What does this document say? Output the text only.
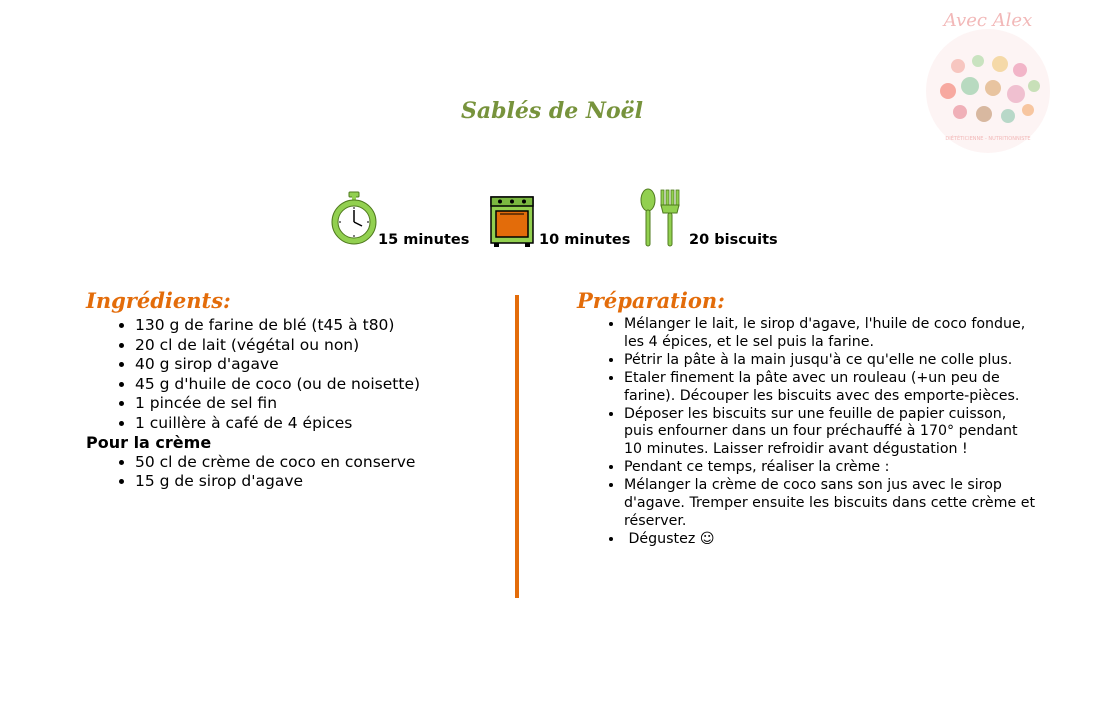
Avec Alex
DIÉTÉTICIENNE - NUTRITIONNISTE
Sablés de Noël
15 minutes	10 minutes	20 biscuits
Ingrédients:
• 130 g de farine de blé (t45 à t80)
• 20 cl de lait (végétal ou non)
• 40 g sirop d'agave
• 45 g d'huile de coco (ou de noisette)
• 1 pincée de sel fin
• 1 cuillère à café de 4 épices
Pour la crème
• 50 cl de crème de coco en conserve
• 15 g de sirop d'agave
Préparation:
• Mélanger le lait, le sirop d'agave, l'huile de coco fondue, les 4 épices, et le sel puis la farine.
• Pétrir la pâte à la main jusqu'à ce qu'elle ne colle plus.
• Etaler finement la pâte avec un rouleau (+un peu de farine). Découper les biscuits avec des emporte-pièces.
• Déposer les biscuits sur une feuille de papier cuisson, puis enfourner dans un four préchauffé à 170° pendant 10 minutes. Laisser refroidir avant dégustation !
• Pendant ce temps, réaliser la crème :
• Mélanger la crème de coco sans son jus avec le sirop d'agave. Tremper ensuite les biscuits dans cette crème et réserver.
•  Dégustez ☺
